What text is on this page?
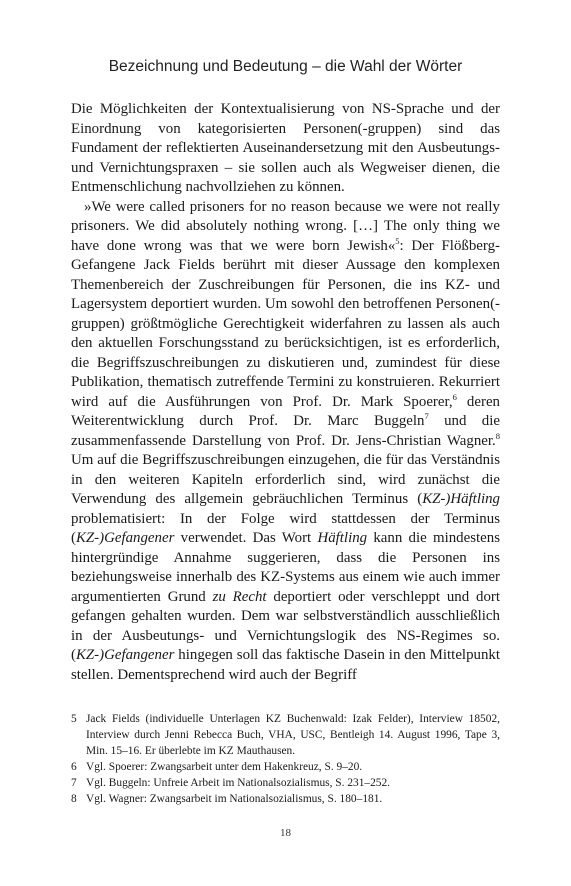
Bezeichnung und Bedeutung – die Wahl der Wörter

Die Möglichkeiten der Kontextualisierung von NS-Sprache und der Einordnung von kategorisierten Personen(-gruppen) sind das Fundament der reflektierten Auseinandersetzung mit den Ausbeutungs- und Vernichtungspraxen – sie sollen auch als Wegweiser dienen, die Entmenschlichung nachvollziehen zu können.

»We were called prisoners for no reason because we were not really prisoners. We did absolutely nothing wrong. […] The only thing we have done wrong was that we were born Jewish«$^5$: Der Flößberg-Gefangene Jack Fields berührt mit dieser Aussage den komplexen Themenbereich der Zuschreibungen für Personen, die ins KZ- und Lagersystem deportiert wurden. Um sowohl den betroffenen Personen(-gruppen) größtmögliche Gerechtigkeit widerfahren zu lassen als auch den aktuellen Forschungsstand zu berücksichtigen, ist es erforderlich, die Begriffszuschreibungen zu diskutieren und, zumindest für diese Publikation, thematisch zutreffende Termini zu konstruieren. Rekurriert wird auf die Ausführungen von Prof. Dr. Mark Spoerer,$^6$ deren Weiterentwicklung durch Prof. Dr. Marc Buggeln$^7$ und die zusammenfassende Darstellung von Prof. Dr. Jens-Christian Wagner.$^8$ Um auf die Begriffszuschreibungen einzugehen, die für das Verständnis in den weiteren Kapiteln erforderlich sind, wird zunächst die Verwendung des allgemein gebräuchlichen Terminus (KZ-)Häftling problematisiert: In der Folge wird stattdessen der Terminus (KZ-)Gefangener verwendet. Das Wort Häftling kann die mindestens hintergründige Annahme suggerieren, dass die Personen ins beziehungsweise innerhalb des KZ-Systems aus einem wie auch immer argumentierten Grund zu Recht deportiert oder verschleppt und dort gefangen gehalten wurden. Dem war selbstverständlich ausschließlich in der Ausbeutungs- und Vernichtungslogik des NS-Regimes so. (KZ-)Gefangener hingegen soll das faktische Dasein in den Mittelpunkt stellen. Dementsprechend wird auch der Begriff

5 Jack Fields (individuelle Unterlagen KZ Buchenwald: Izak Felder), Interview 18502, Interview durch Jenni Rebecca Buch, VHA, USC, Bentleigh 14. August 1996, Tape 3, Min. 15–16. Er überlebte im KZ Mauthausen.
6 Vgl. Spoerer: Zwangsarbeit unter dem Hakenkreuz, S. 9–20.
7 Vgl. Buggeln: Unfreie Arbeit im Nationalsozialismus, S. 231–252.
8 Vgl. Wagner: Zwangsarbeit im Nationalsozialismus, S. 180–181.
18
